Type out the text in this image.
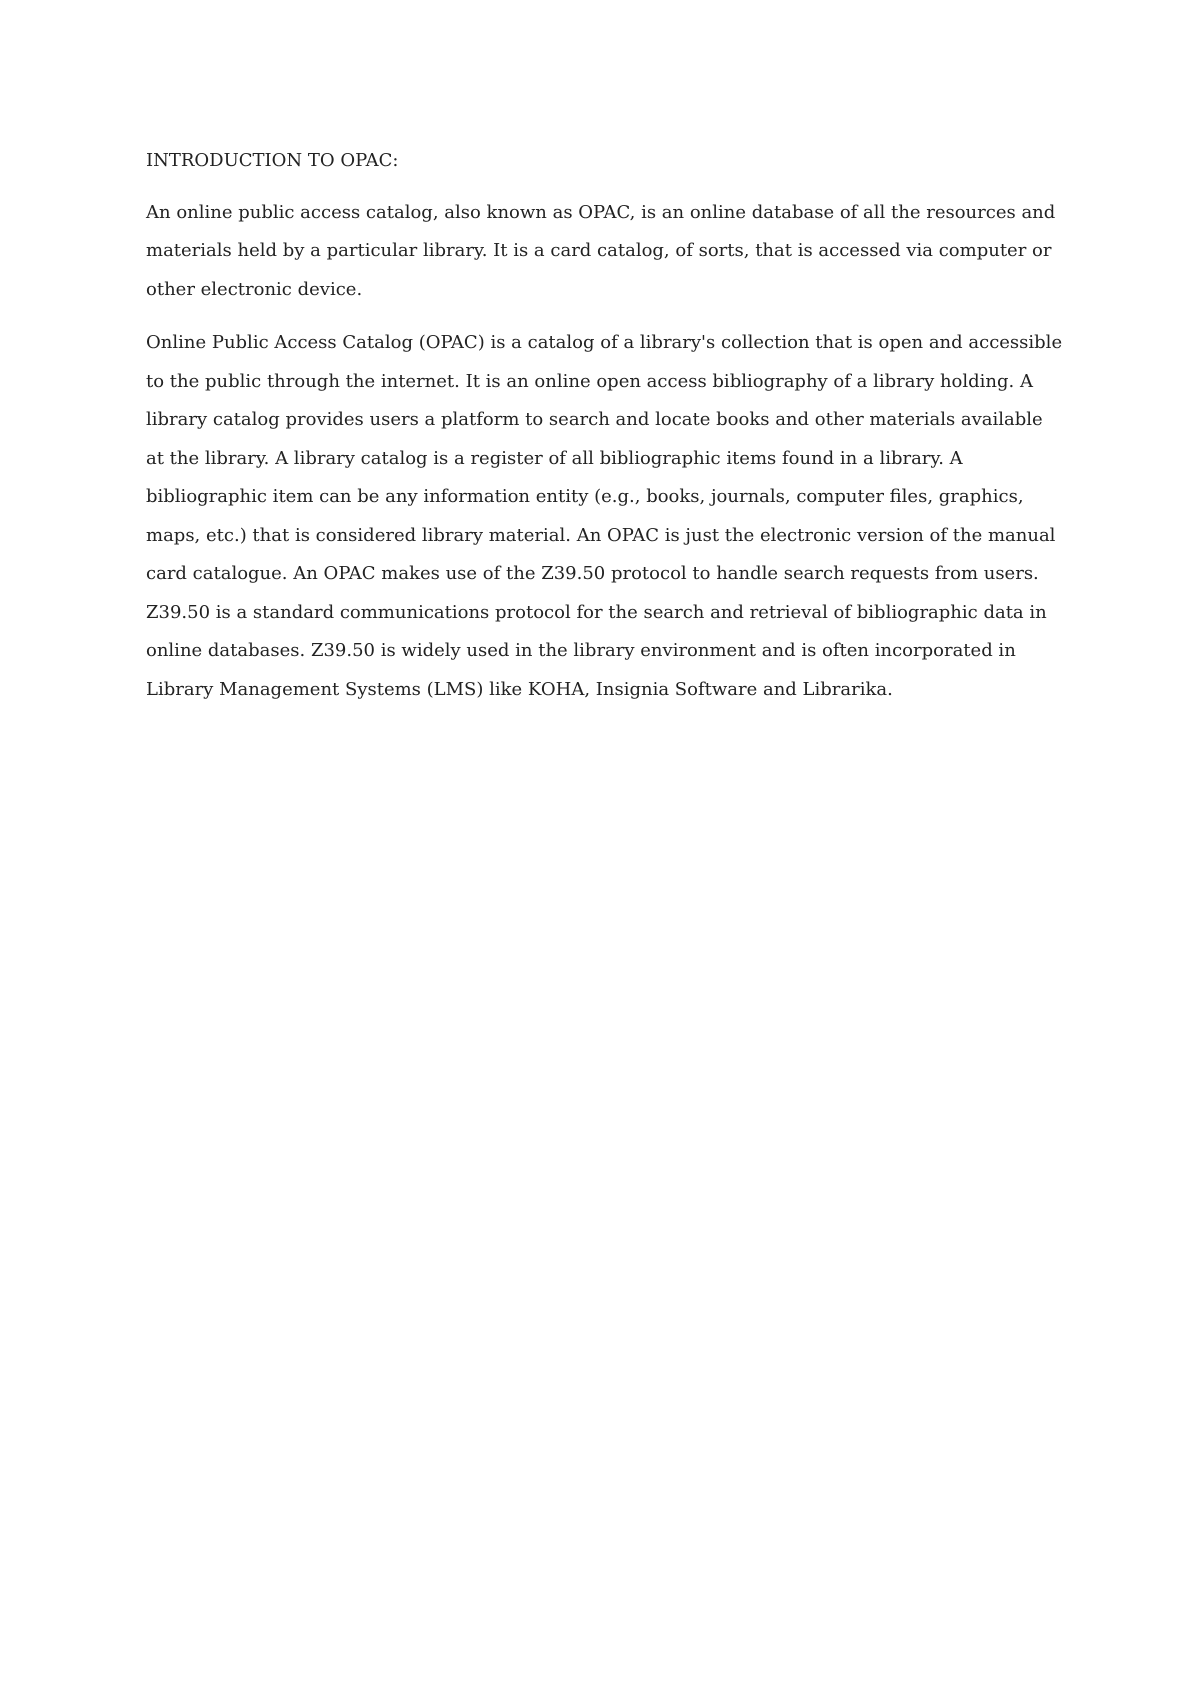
INTRODUCTION TO OPAC:

An online public access catalog, also known as OPAC, is an online database of all the resources and materials held by a particular library. It is a card catalog, of sorts, that is accessed via computer or other electronic device.

Online Public Access Catalog (OPAC) is a catalog of a library's collection that is open and accessible to the public through the internet. It is an online open access bibliography of a library holding. A library catalog provides users a platform to search and locate books and other materials available at the library. A library catalog is a register of all bibliographic items found in a library. A bibliographic item can be any information entity (e.g., books, journals, computer files, graphics, maps, etc.) that is considered library material. An OPAC is just the electronic version of the manual card catalogue. An OPAC makes use of the Z39.50 protocol to handle search requests from users. Z39.50 is a standard communications protocol for the search and retrieval of bibliographic data in online databases. Z39.50 is widely used in the library environment and is often incorporated in Library Management Systems (LMS) like KOHA, Insignia Software and Librarika.
